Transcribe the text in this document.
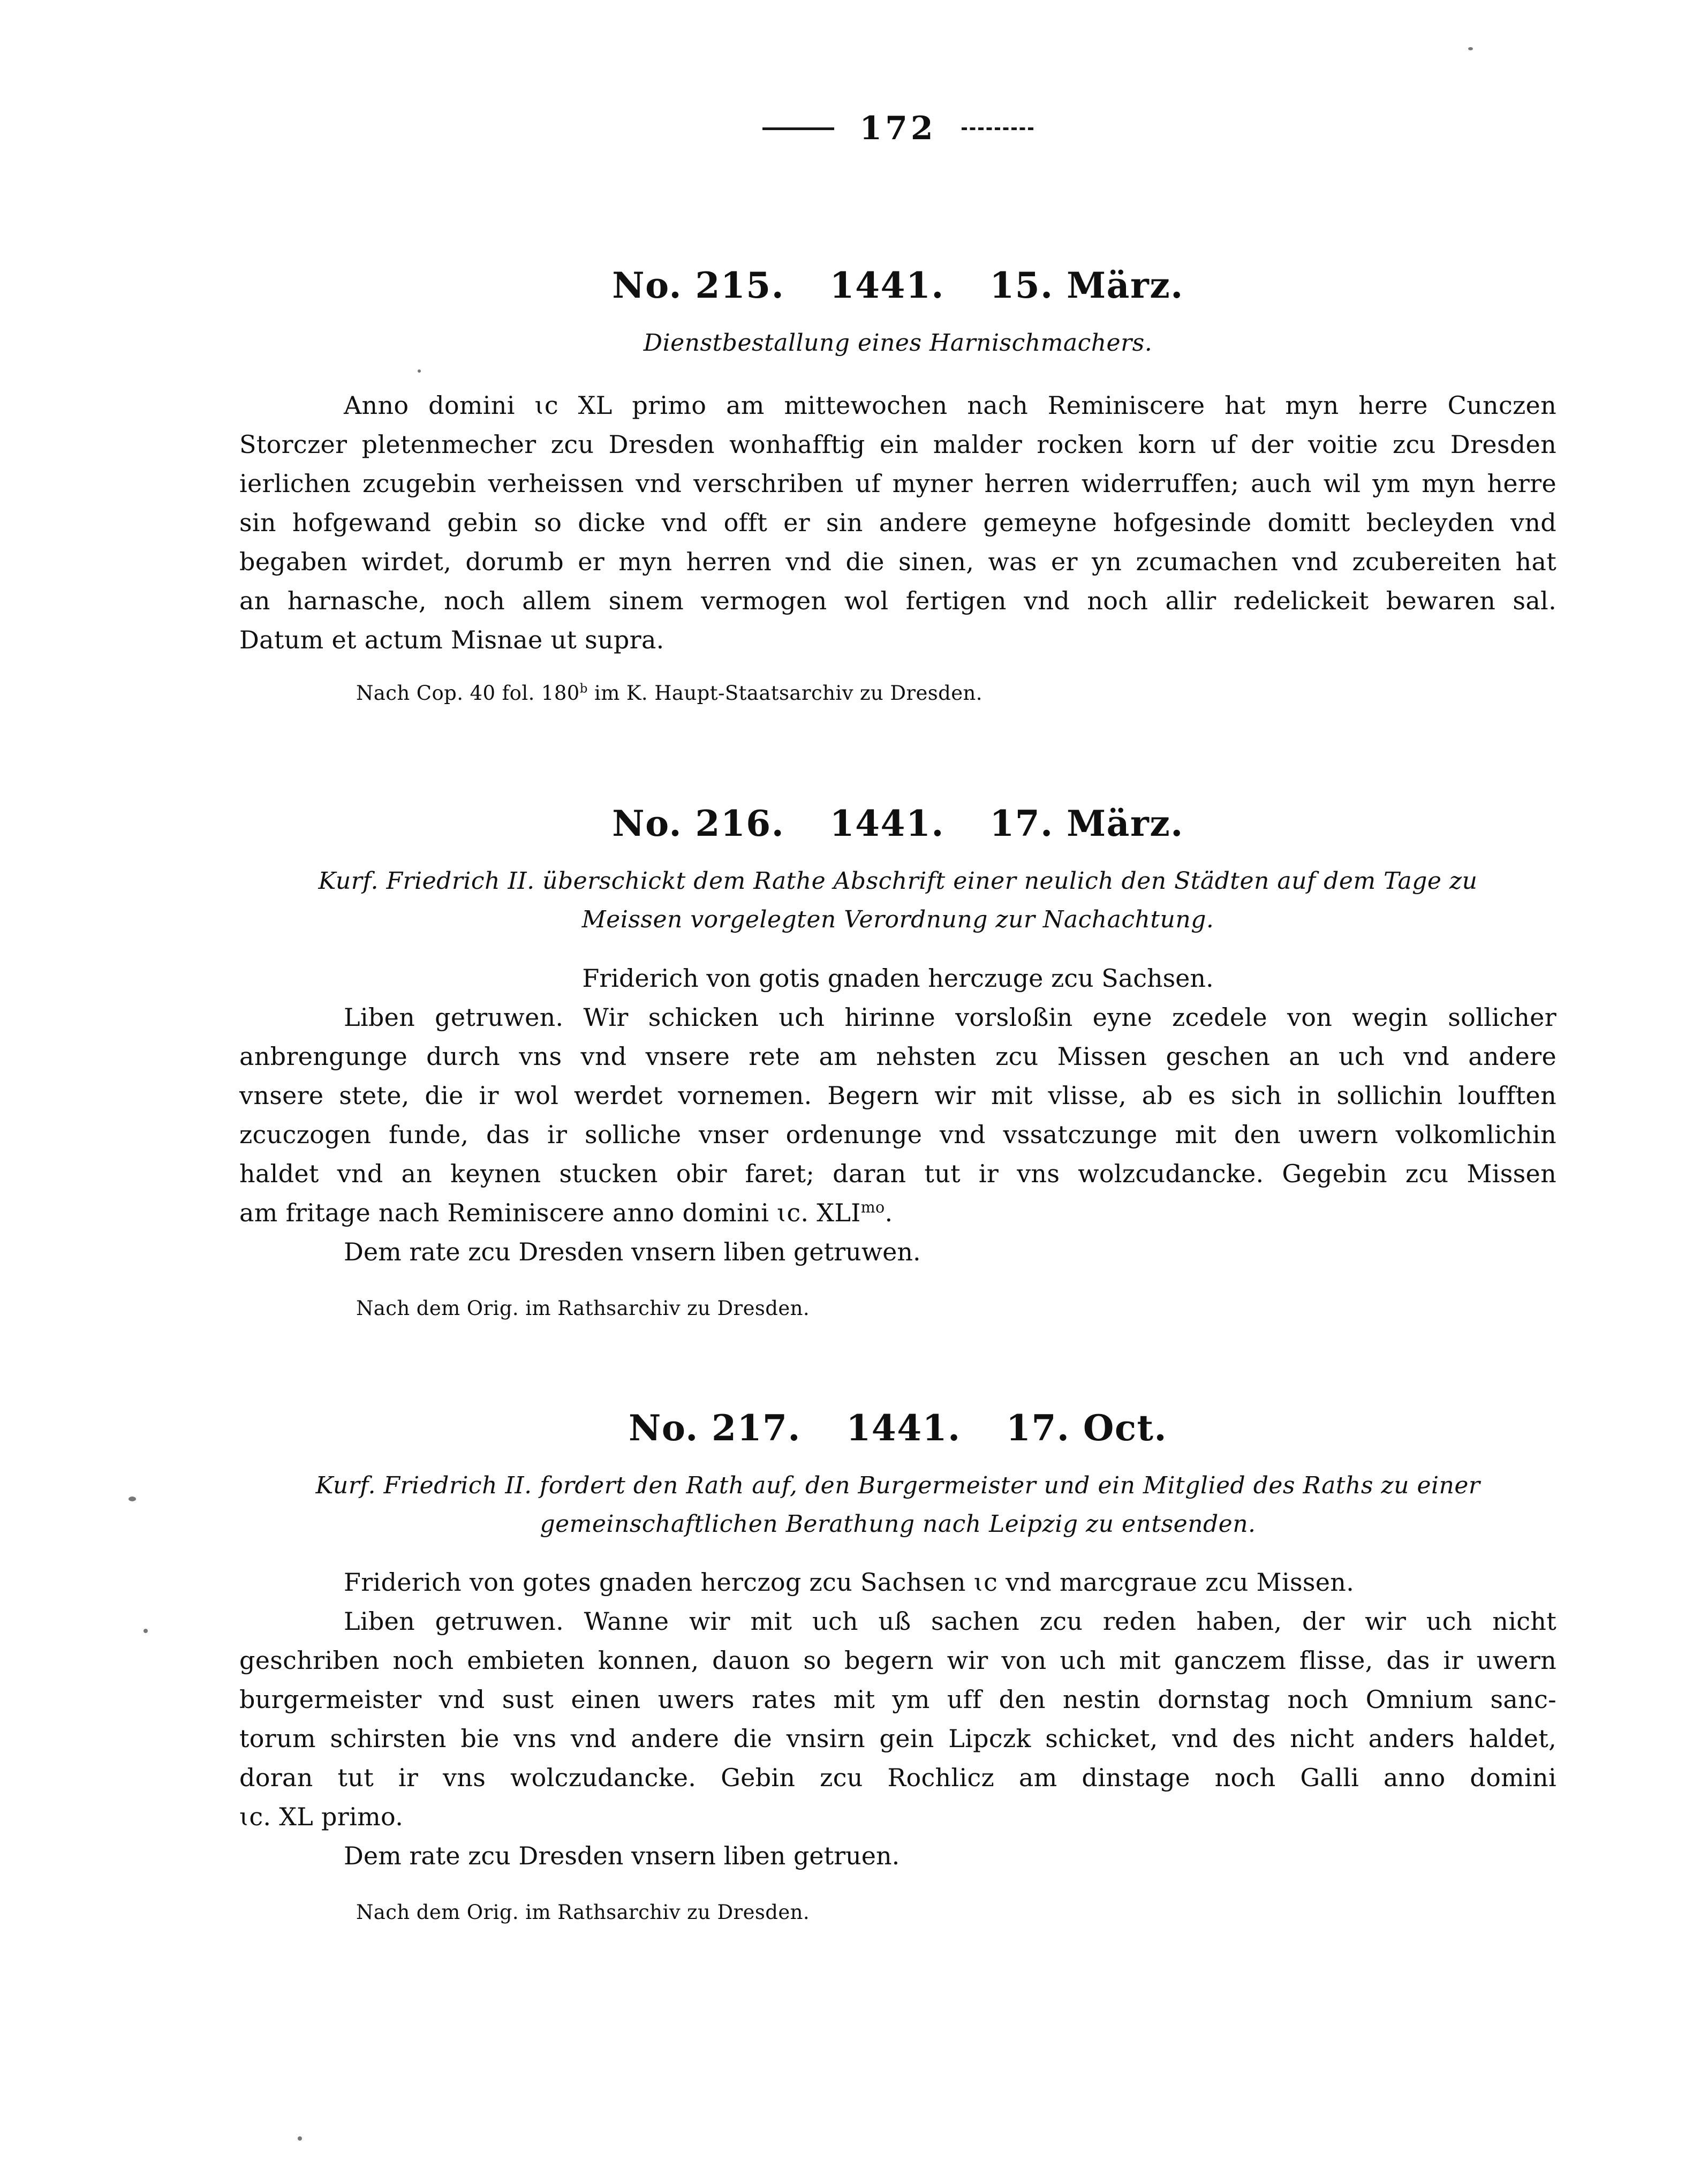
172
No. 215. 1441. 15. März.
Dienstbestallung eines Harnischmachers.
Anno domini ɩc XL primo am mittewochen nach Reminiscere hat myn herre Cunczen
Storczer pletenmecher zcu Dresden wonhafftig ein malder rocken korn uf der voitie zcu Dresden
ierlichen zcugebin verheissen vnd verschriben uf myner herren widerruffen; auch wil ym myn herre
sin hofgewand gebin so dicke vnd offt er sin andere gemeyne hofgesinde domitt becleyden vnd
begaben wirdet, dorumb er myn herren vnd die sinen, was er yn zcumachen vnd zcubereiten hat
an harnasche, noch allem sinem vermogen wol fertigen vnd noch allir redelickeit bewaren sal.
Datum et actum Misnae ut supra.
Nach Cop. 40 fol. 180$^b$ im K. Haupt-Staatsarchiv zu Dresden.
No. 216. 1441. 17. März.
Kurf. Friedrich II. überschickt dem Rathe Abschrift einer neulich den Städten auf dem Tage zu
Meissen vorgelegten Verordnung zur Nachachtung.
Friderich von gotis gnaden herczuge zcu Sachsen.
Liben getruwen. Wir schicken uch hirinne vorsloßin eyne zcedele von wegin sollicher
anbrengunge durch vns vnd vnsere rete am nehsten zcu Missen geschen an uch vnd andere
vnsere stete, die ir wol werdet vornemen. Begern wir mit vlisse, ab es sich in sollichin loufften
zcuczogen funde, das ir solliche vnser ordenunge vnd vssatczunge mit den uwern volkomlichin
haldet vnd an keynen stucken obir faret; daran tut ir vns wolzcudancke. Gegebin zcu Missen
am fritage nach Reminiscere anno domini ɩc. $XLI^{mo}$.
Dem rate zcu Dresden vnsern liben getruwen.
Nach dem Orig. im Rathsarchiv zu Dresden.
No. 217. 1441. 17. Oct.
Kurf. Friedrich II. fordert den Rath auf, den Burgermeister und ein Mitglied des Raths zu einer
gemeinschaftlichen Berathung nach Leipzig zu entsenden.
Friderich von gotes gnaden herczog zcu Sachsen ɩc vnd marcgraue zcu Missen.
Liben getruwen. Wanne wir mit uch uß sachen zcu reden haben, der wir uch nicht
geschriben noch embieten konnen, dauon so begern wir von uch mit ganczem flisse, das ir uwern
burgermeister vnd sust einen uwers rates mit ym uff den nestin dornstag noch Omnium sanc-
torum schirsten bie vns vnd andere die vnsirn gein Lipczk schicket, vnd des nicht anders haldet,
doran tut ir vns wolczudancke. Gebin zcu Rochlicz am dinstage noch Galli anno domini
ɩc. XL primo.
Dem rate zcu Dresden vnsern liben getruen.
Nach dem Orig. im Rathsarchiv zu Dresden.
